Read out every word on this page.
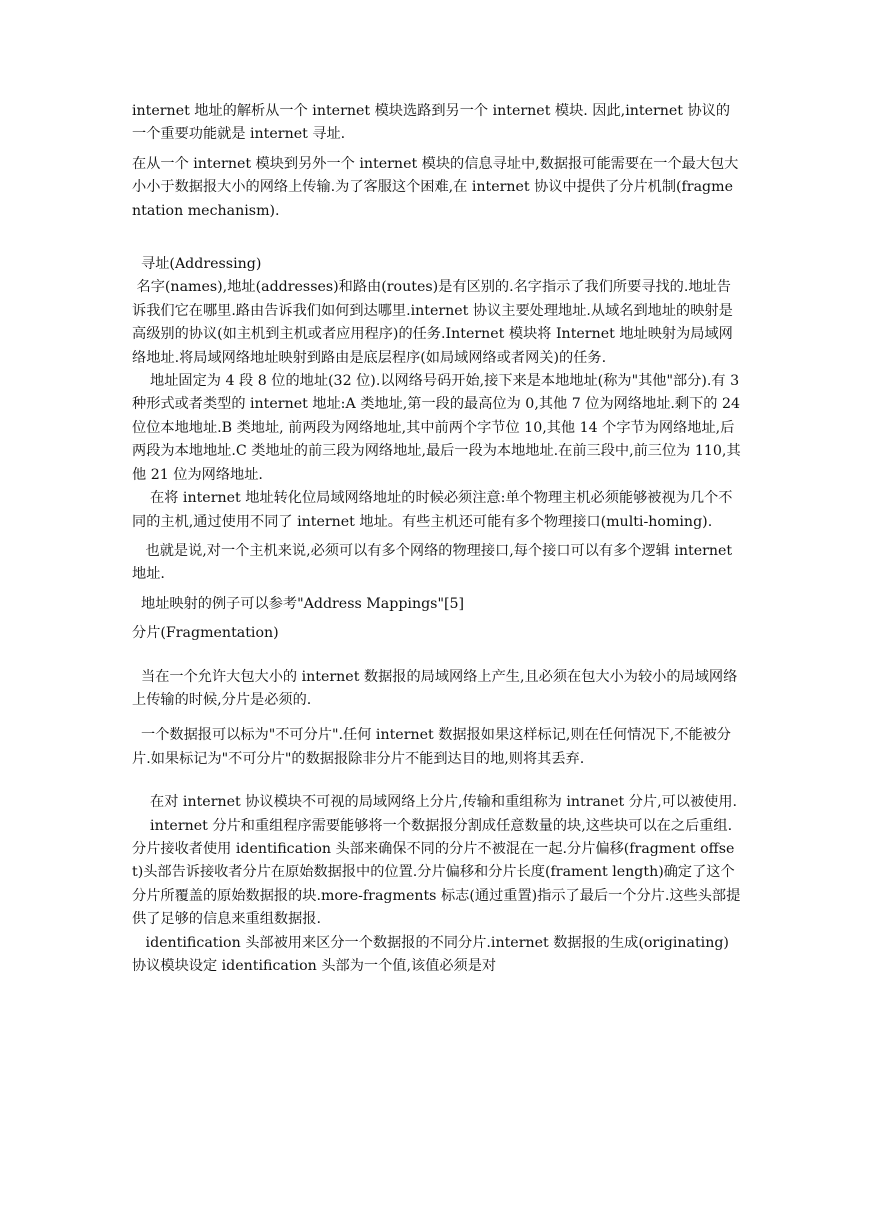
internet 地址的解析从一个 internet 模块选路到另一个 internet 模块. 因此,internet 协议的一个重要功能就是 internet 寻址.

在从一个 internet 模块到另外一个 internet 模块的信息寻址中,数据报可能需要在一个最大包大小小于数据报大小的网络上传输.为了客服这个困难,在 internet 协议中提供了分片机制(fragmentation mechanism).

寻址(Addressing)

名字(names),地址(addresses)和路由(routes)是有区别的.名字指示了我们所要寻找的.地址告诉我们它在哪里.路由告诉我们如何到达哪里.internet 协议主要处理地址.从域名到地址的映射是高级别的协议(如主机到主机或者应用程序)的任务.Internet 模块将 Internet 地址映射为局域网络地址.将局域网络地址映射到路由是底层程序(如局域网络或者网关)的任务.

地址固定为 4 段 8 位的地址(32 位).以网络号码开始,接下来是本地地址(称为"其他"部分).有 3 种形式或者类型的 internet 地址:A 类地址,第一段的最高位为 0,其他 7 位为网络地址.剩下的 24 位位本地地址.B 类地址, 前两段为网络地址,其中前两个字节位 10,其他 14 个字节为网络地址,后两段为本地地址.C 类地址的前三段为网络地址,最后一段为本地地址.在前三段中,前三位为 110,其他 21 位为网络地址.

在将 internet 地址转化位局域网络地址的时候必须注意:单个物理主机必须能够被视为几个不同的主机,通过使用不同了 internet 地址。有些主机还可能有多个物理接口(multi-homing).

也就是说,对一个主机来说,必须可以有多个网络的物理接口,每个接口可以有多个逻辑 internet 地址.

地址映射的例子可以参考"Address Mappings"[5]

分片(Fragmentation)

当在一个允许大包大小的 internet 数据报的局域网络上产生,且必须在包大小为较小的局域网络上传输的时候,分片是必须的.

一个数据报可以标为"不可分片".任何 internet 数据报如果这样标记,则在任何情况下,不能被分片.如果标记为"不可分片"的数据报除非分片不能到达目的地,则将其丢弃.

在对 internet 协议模块不可视的局域网络上分片,传输和重组称为 intranet 分片,可以被使用.

internet 分片和重组程序需要能够将一个数据报分割成任意数量的块,这些块可以在之后重组.分片接收者使用 identification 头部来确保不同的分片不被混在一起.分片偏移(fragment offset)头部告诉接收者分片在原始数据报中的位置.分片偏移和分片长度(frament length)确定了这个分片所覆盖的原始数据报的块.more-fragments 标志(通过重置)指示了最后一个分片.这些头部提供了足够的信息来重组数据报.

identification 头部被用来区分一个数据报的不同分片.internet 数据报的生成(originating)协议模块设定 identification 头部为一个值,该值必须是对
